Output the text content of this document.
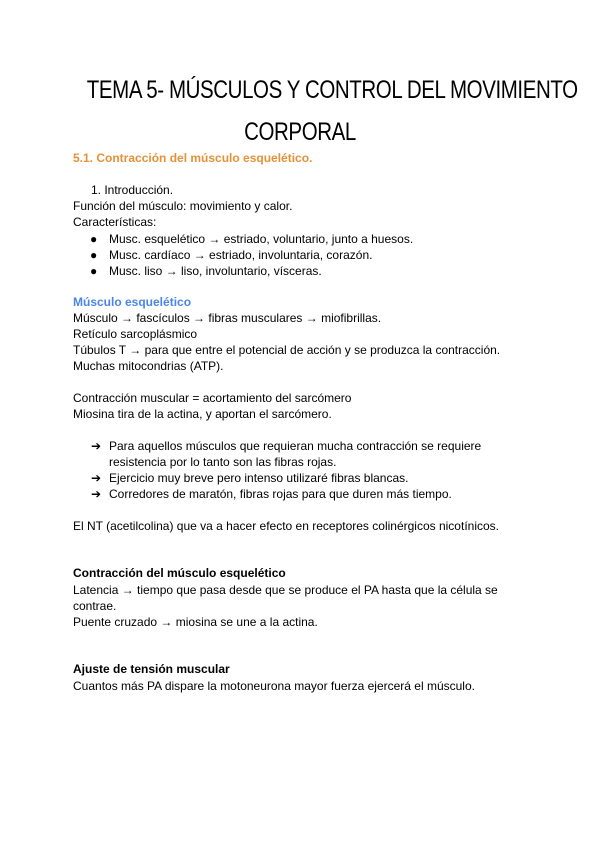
TEMA 5- MÚSCULOS Y CONTROL DEL MOVIMIENTO
CORPORAL
5.1. Contracción del músculo esquelético.
1. Introducción.
Función del músculo: movimiento y calor.
Características:
● Musc. esquelético → estriado, voluntario, junto a huesos.
● Musc. cardíaco → estriado, involuntaria, corazón.
● Musc. liso → liso, involuntario, vísceras.
Músculo esquelético
Músculo → fascículos → fibras musculares → miofibrillas.
Retículo sarcoplásmico
Túbulos T → para que entre el potencial de acción y se produzca la contracción.
Muchas mitocondrias (ATP).
Contracción muscular = acortamiento del sarcómero
Miosina tira de la actina, y aportan el sarcómero.
➔ Para aquellos músculos que requieran mucha contracción se requiere
resistencia por lo tanto son las fibras rojas.
➔ Ejercicio muy breve pero intenso utilizaré fibras blancas.
➔ Corredores de maratón, fibras rojas para que duren más tiempo.
El NT (acetilcolina) que va a hacer efecto en receptores colinérgicos nicotínicos.
Contracción del músculo esquelético
Latencia → tiempo que pasa desde que se produce el PA hasta que la célula se
contrae.
Puente cruzado → miosina se une a la actina.
Ajuste de tensión muscular
Cuantos más PA dispare la motoneurona mayor fuerza ejercerá el músculo.
